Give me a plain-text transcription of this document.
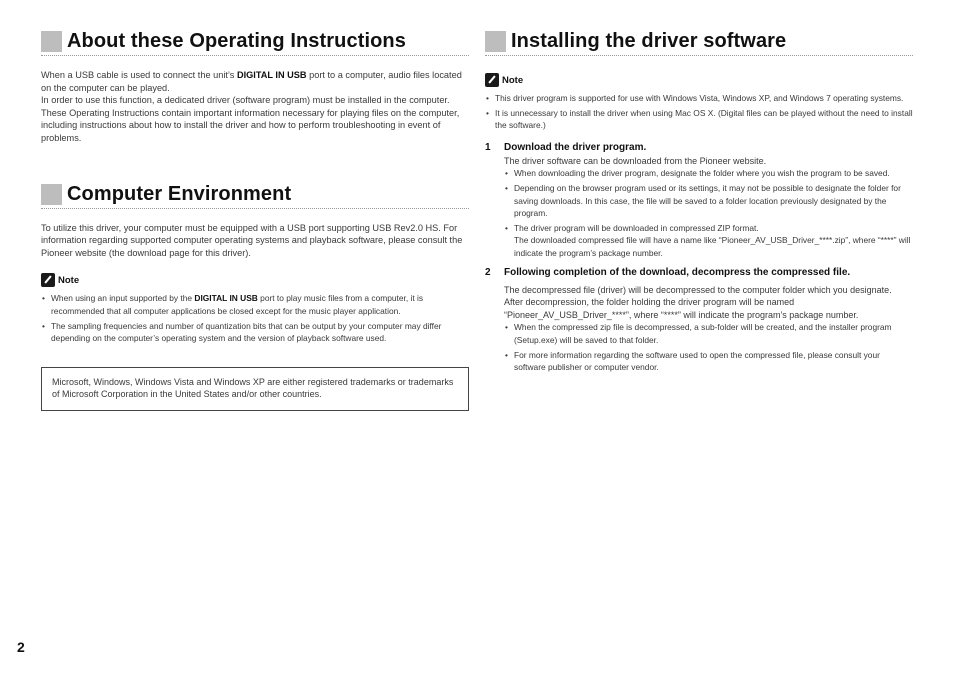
About these Operating Instructions

When a USB cable is used to connect the unit’s DIGITAL IN USB port to a computer, audio files located on the computer can be played.

In order to use this function, a dedicated driver (software program) must be installed in the computer. These Operating Instructions contain important information necessary for playing files on the computer, including instructions about how to install the driver and how to perform troubleshooting in event of problems.

Computer Environment

To utilize this driver, your computer must be equipped with a USB port supporting USB Rev2.0 HS. For information regarding supported computer operating systems and playback software, please consult the Pioneer website (the download page for this driver).

Note
• When using an input supported by the DIGITAL IN USB port to play music files from a computer, it is recommended that all computer applications be closed except for the music player application.
• The sampling frequencies and number of quantization bits that can be output by your computer may differ depending on the computer’s operating system and the version of playback software used.

Microsoft, Windows, Windows Vista and Windows XP are either registered trademarks or trademarks of Microsoft Corporation in the United States and/or other countries.

Installing the driver software
Note
• This driver program is supported for use with Windows Vista, Windows XP, and Windows 7 operating systems.
• It is unnecessary to install the driver when using Mac OS X. (Digital files can be played without the need to install the software.)
1	Download the driver program.

The driver software can be downloaded from the Pioneer website.

• When downloading the driver program, designate the folder where you wish the program to be saved.
• Depending on the browser program used or its settings, it may not be possible to designate the folder for saving downloads. In this case, the file will be saved to a folder location previously designated by the program.
• The driver program will be downloaded in compressed ZIP format.
The downloaded compressed file will have a name like “Pioneer_AV_USB_Driver_****.zip”, where “****” will indicate the program’s package number.
2	Following completion of the download, decompress the compressed file.

The decompressed file (driver) will be decompressed to the computer folder which you designate.

After decompression, the folder holding the driver program will be named “Pioneer_AV_USB_Driver_****”, where “****” will indicate the program’s package number.

• When the compressed zip file is decompressed, a sub-folder will be created, and the installer program (Setup.exe) will be saved to that folder.
• For more information regarding the software used to open the compressed file, please consult your software publisher or computer vendor.
2
